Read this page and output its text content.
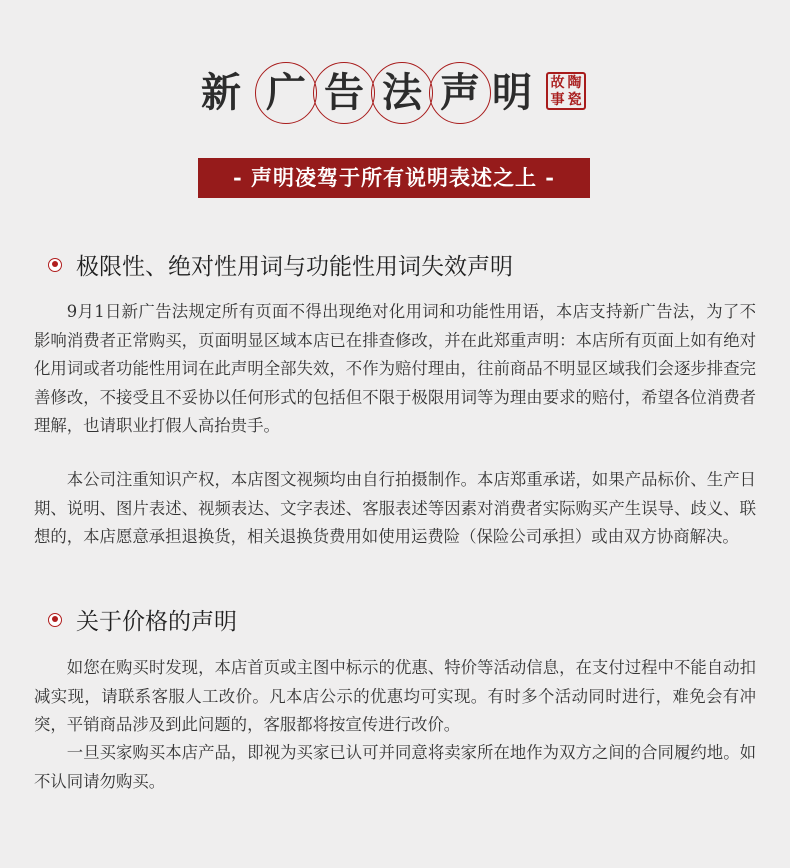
新 广 告 法 声 明 故 陶
事 瓷
- 声明凌驾于所有说明表述之上 -
极限性、绝对性用词与功能性用词失效声明

9月1日新广告法规定所有页面不得出现绝对化用词和功能性用语，本店支持新广告法，为了不影响消费者正常购买，页面明显区域本店已在排查修改，并在此郑重声明：本店所有页面上如有绝对化用词或者功能性用词在此声明全部失效，不作为赔付理由，往前商品不明显区域我们会逐步排查完善修改，不接受且不妥协以任何形式的包括但不限于极限用词等为理由要求的赔付，希望各位消费者理解，也请职业打假人高抬贵手。

本公司注重知识产权，本店图文视频均由自行拍摄制作。本店郑重承诺，如果产品标价、生产日期、说明、图片表述、视频表达、文字表述、客服表述等因素对消费者实际购买产生误导、歧义、联想的，本店愿意承担退换货，相关退换货费用如使用运费险（保险公司承担）或由双方协商解决。

关于价格的声明

如您在购买时发现，本店首页或主图中标示的优惠、特价等活动信息，在支付过程中不能自动扣减实现，请联系客服人工改价。凡本店公示的优惠均可实现。有时多个活动同时进行，难免会有冲突，平销商品涉及到此问题的，客服都将按宣传进行改价。

一旦买家购买本店产品，即视为买家已认可并同意将卖家所在地作为双方之间的合同履约地。如不认同请勿购买。
